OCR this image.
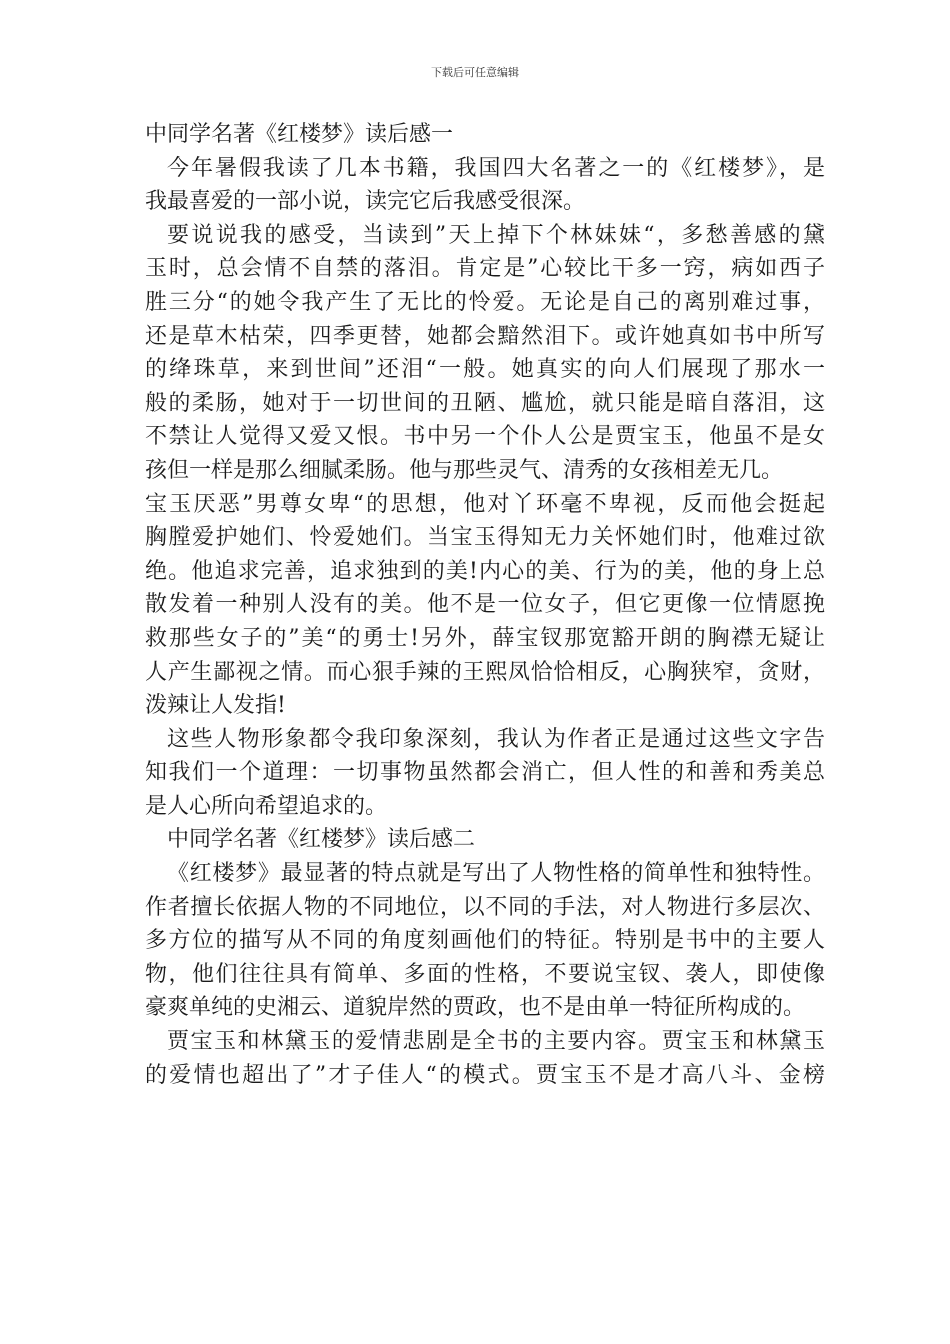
下载后可任意编辑
中同学名著《红楼梦》读后感一
今年暑假我读了几本书籍，我国四大名著之一的《红楼梦》，是
我最喜爱的一部小说，读完它后我感受很深。
要说说我的感受，当读到”天上掉下个林妹妹“，多愁善感的黛
玉时，总会情不自禁的落泪。肯定是”心较比干多一窍，病如西子
胜三分“的她令我产生了无比的怜爱。无论是自己的离别难过事，
还是草木枯荣，四季更替，她都会黯然泪下。或许她真如书中所写
的绛珠草，来到世间”还泪“一般。她真实的向人们展现了那水一
般的柔肠，她对于一切世间的丑陋、尴尬，就只能是暗自落泪，这
不禁让人觉得又爱又恨。书中另一个仆人公是贾宝玉，他虽不是女
孩但一样是那么细腻柔肠。他与那些灵气、清秀的女孩相差无几。
宝玉厌恶”男尊女卑“的思想，他对丫环毫不卑视，反而他会挺起
胸膛爱护她们、怜爱她们。当宝玉得知无力关怀她们时，他难过欲
绝。他追求完善，追求独到的美!内心的美、行为的美，他的身上总
散发着一种别人没有的美。他不是一位女子，但它更像一位情愿挽
救那些女子的”美“的勇士!另外，薛宝钗那宽豁开朗的胸襟无疑让
人产生鄙视之情。而心狠手辣的王熙凤恰恰相反，心胸狭窄，贪财，
泼辣让人发指!
这些人物形象都令我印象深刻，我认为作者正是通过这些文字告
知我们一个道理：一切事物虽然都会消亡，但人性的和善和秀美总
是人心所向希望追求的。
中同学名著《红楼梦》读后感二
《红楼梦》最显著的特点就是写出了人物性格的简单性和独特性。
作者擅长依据人物的不同地位，以不同的手法，对人物进行多层次、
多方位的描写从不同的角度刻画他们的特征。特别是书中的主要人
物，他们往往具有简单、多面的性格，不要说宝钗、袭人，即使像
豪爽单纯的史湘云、道貌岸然的贾政，也不是由单一特征所构成的。
贾宝玉和林黛玉的爱情悲剧是全书的主要内容。贾宝玉和林黛玉
的爱情也超出了”才子佳人“的模式。贾宝玉不是才高八斗、金榜
